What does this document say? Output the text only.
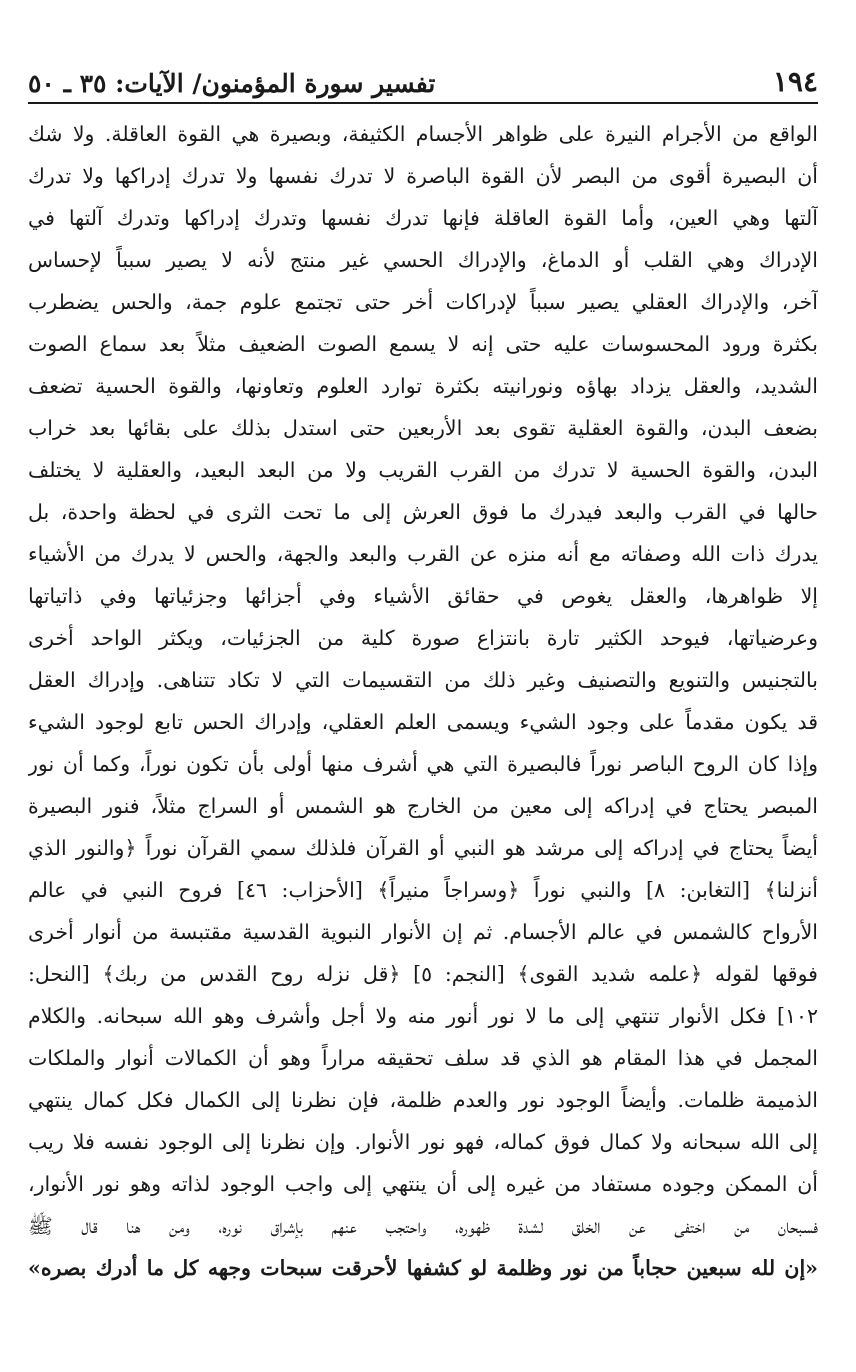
١٩٤
تفسير سورة المؤمنون/ الآيات: ٣٥ ـ ٥٠
الواقع من الأجرام النيرة على ظواهر الأجسام الكثيفة، وبصيرة هي القوة العاقلة. ولا شك
أن البصيرة أقوى من البصر لأن القوة الباصرة لا تدرك نفسها ولا تدرك إدراكها ولا تدرك
آلتها وهي العين، وأما القوة العاقلة فإنها تدرك نفسها وتدرك إدراكها وتدرك آلتها في
الإدراك وهي القلب أو الدماغ، والإدراك الحسي غير منتج لأنه لا يصير سبباً لإحساس
آخر، والإدراك العقلي يصير سبباً لإدراكات أخر حتى تجتمع علوم جمة، والحس يضطرب
بكثرة ورود المحسوسات عليه حتى إنه لا يسمع الصوت الضعيف مثلاً بعد سماع الصوت
الشديد، والعقل يزداد بهاؤه ونورانيته بكثرة توارد العلوم وتعاونها، والقوة الحسية تضعف
بضعف البدن، والقوة العقلية تقوى بعد الأربعين حتى استدل بذلك على بقائها بعد خراب
البدن، والقوة الحسية لا تدرك من القرب القريب ولا من البعد البعيد، والعقلية لا يختلف
حالها في القرب والبعد فيدرك ما فوق العرش إلى ما تحت الثرى في لحظة واحدة، بل
يدرك ذات الله وصفاته مع أنه منزه عن القرب والبعد والجهة، والحس لا يدرك من الأشياء
إلا ظواهرها، والعقل يغوص في حقائق الأشياء وفي أجزائها وجزئياتها وفي ذاتياتها
وعرضياتها، فيوحد الكثير تارة بانتزاع صورة كلية من الجزئيات، ويكثر الواحد أخرى
بالتجنيس والتنويع والتصنيف وغير ذلك من التقسيمات التي لا تكاد تتناهى. وإدراك العقل
قد يكون مقدماً على وجود الشيء ويسمى العلم العقلي، وإدراك الحس تابع لوجود الشيء
وإذا كان الروح الباصر نوراً فالبصيرة التي هي أشرف منها أولى بأن تكون نوراً، وكما أن نور
المبصر يحتاج في إدراكه إلى معين من الخارج هو الشمس أو السراج مثلاً، فنور البصيرة
أيضاً يحتاج في إدراكه إلى مرشد هو النبي أو القرآن فلذلك سمي القرآن نوراً ﴿والنور الذي
أنزلنا﴾ [التغابن: ٨] والنبي نوراً ﴿وسراجاً منيراً﴾ [الأحزاب: ٤٦] فروح النبي في عالم
الأرواح كالشمس في عالم الأجسام. ثم إن الأنوار النبوية القدسية مقتبسة من أنوار أخرى
فوقها لقوله ﴿علمه شديد القوى﴾ [النجم: ٥] ﴿قل نزله روح القدس من ربك﴾ [النحل:
١٠٢] فكل الأنوار تنتهي إلى ما لا نور أنور منه ولا أجل وأشرف وهو الله سبحانه. والكلام
المجمل في هذا المقام هو الذي قد سلف تحقيقه مراراً وهو أن الكمالات أنوار والملكات
الذميمة ظلمات. وأيضاً الوجود نور والعدم ظلمة، فإن نظرنا إلى الكمال فكل كمال ينتهي
إلى الله سبحانه ولا كمال فوق كماله، فهو نور الأنوار. وإن نظرنا إلى الوجود نفسه فلا ريب
أن الممكن وجوده مستفاد من غيره إلى أن ينتهي إلى واجب الوجود لذاته وهو نور الأنوار،
فسبحان من اختفى عن الخلق لشدة ظهوره، واحتجب عنهم بإشراق نوره، ومن هنا قال ﷺ
«إن لله سبعين حجاباً من نور وظلمة لو كشفها لأحرقت سبحات وجهه كل ما أدرك بصره»
